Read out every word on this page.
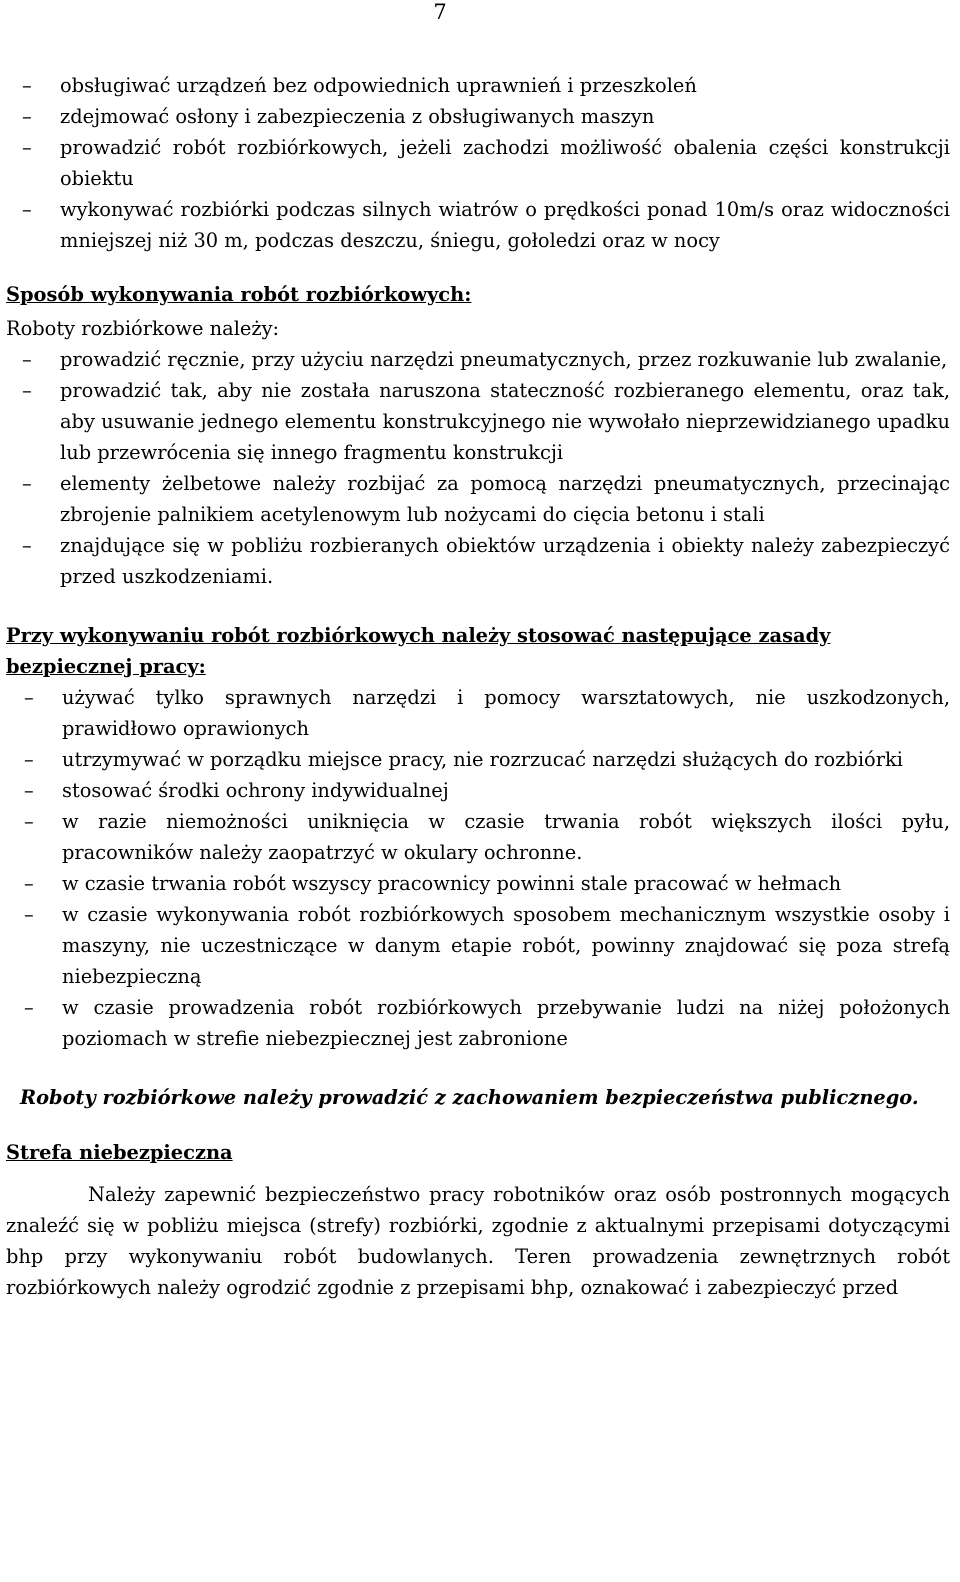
7
– obsługiwać urządzeń bez odpowiednich uprawnień i przeszkoleń
– zdejmować osłony i zabezpieczenia z obsługiwanych maszyn
– prowadzić robót rozbiórkowych, jeżeli zachodzi możliwość obalenia części konstrukcji obiektu
– wykonywać rozbiórki podczas silnych wiatrów o prędkości ponad 10m/s oraz widoczności mniejszej niż 30 m, podczas deszczu, śniegu, gołoledzi oraz w nocy
Sposób wykonywania robót rozbiórkowych:

Roboty rozbiórkowe należy:

– prowadzić ręcznie, przy użyciu narzędzi pneumatycznych, przez rozkuwanie lub zwalanie,
– prowadzić tak, aby nie została naruszona stateczność rozbieranego elementu, oraz tak, aby usuwanie jednego elementu konstrukcyjnego nie wywołało nieprzewidzianego upadku lub przewrócenia się innego fragmentu konstrukcji
– elementy żelbetowe należy rozbijać za pomocą narzędzi pneumatycznych, przecinając zbrojenie palnikiem acetylenowym lub nożycami do cięcia betonu i stali
– znajdujące się w pobliżu rozbieranych obiektów urządzenia i obiekty należy zabezpieczyć przed uszkodzeniami.
Przy wykonywaniu robót rozbiórkowych należy stosować następujące zasady bezpiecznej pracy:
– używać tylko sprawnych narzędzi i pomocy warsztatowych, nie uszkodzonych, prawidłowo oprawionych
– utrzymywać w porządku miejsce pracy, nie rozrzucać narzędzi służących do rozbiórki
– stosować środki ochrony indywidualnej
– w razie niemożności uniknięcia w czasie trwania robót większych ilości pyłu, pracowników należy zaopatrzyć w okulary ochronne.
– w czasie trwania robót wszyscy pracownicy powinni stale pracować w hełmach
– w czasie wykonywania robót rozbiórkowych sposobem mechanicznym wszystkie osoby i maszyny, nie uczestniczące w danym etapie robót, powinny znajdować się poza strefą niebezpieczną
– w czasie prowadzenia robót rozbiórkowych przebywanie ludzi na niżej położonych poziomach w strefie niebezpiecznej jest zabronione

Roboty rozbiórkowe należy prowadzić z zachowaniem bezpieczeństwa publicznego.

Strefa niebezpieczna

Należy zapewnić bezpieczeństwo pracy robotników oraz osób postronnych mogących znaleźć się w pobliżu miejsca (strefy) rozbiórki, zgodnie z aktualnymi przepisami dotyczącymi bhp przy wykonywaniu robót budowlanych. Teren prowadzenia zewnętrznych robót rozbiórkowych należy ogrodzić zgodnie z przepisami bhp, oznakować i zabezpieczyć przed
